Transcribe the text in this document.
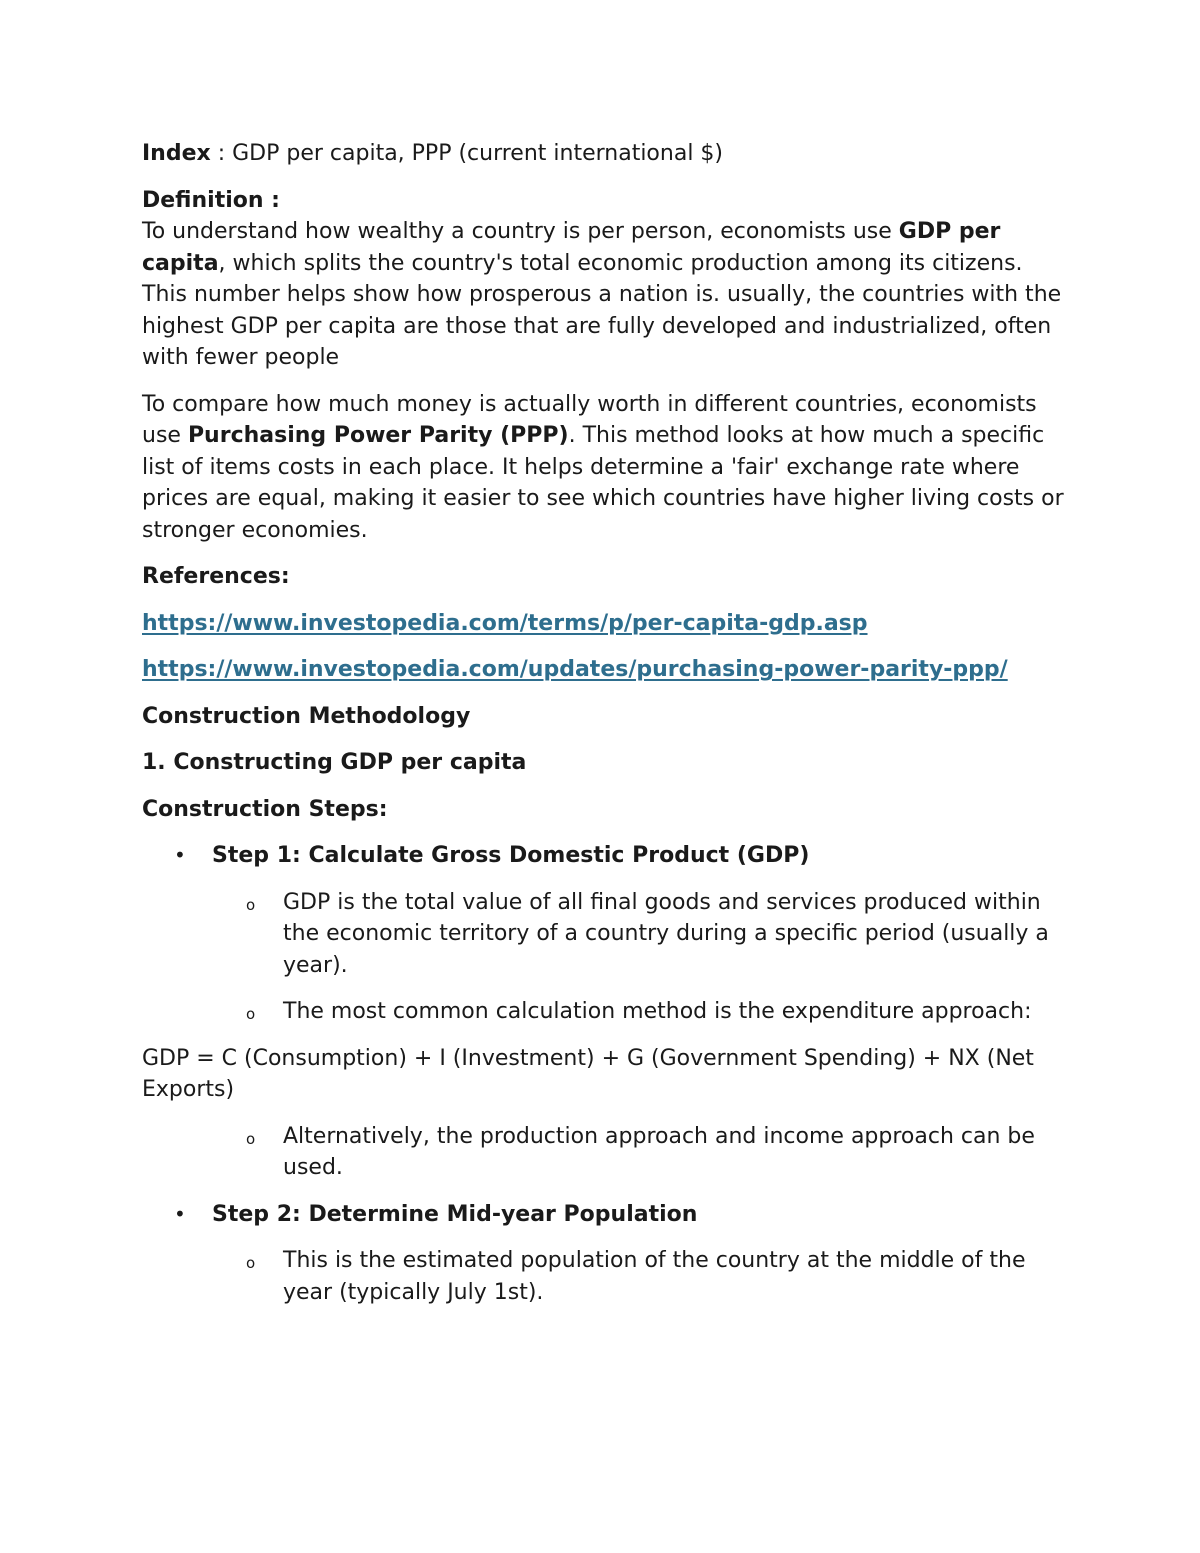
Index : GDP per capita, PPP (current international $)

Definition :

To understand how wealthy a country is per person, economists use GDP per capita, which splits the country's total economic production among its citizens. This number helps show how prosperous a nation is. usually, the countries with the highest GDP per capita are those that are fully developed and industrialized, often with fewer people

To compare how much money is actually worth in different countries, economists use Purchasing Power Parity (PPP). This method looks at how much a specific list of items costs in each place. It helps determine a 'fair' exchange rate where prices are equal, making it easier to see which countries have higher living costs or stronger economies.

References:

https://www.investopedia.com/terms/p/per-capita-gdp.asp

https://www.investopedia.com/updates/purchasing-power-parity-ppp/

Construction Methodology

1. Constructing GDP per capita

Construction Steps:

• Step 1: Calculate Gross Domestic Product (GDP)
o GDP is the total value of all final goods and services produced within the economic territory of a country during a specific period (usually a year).
o The most common calculation method is the expenditure approach:

GDP = C (Consumption) + I (Investment) + G (Government Spending) + NX (Net Exports)

o Alternatively, the production approach and income approach can be used.
• Step 2: Determine Mid-year Population
o This is the estimated population of the country at the middle of the year (typically July 1st).
